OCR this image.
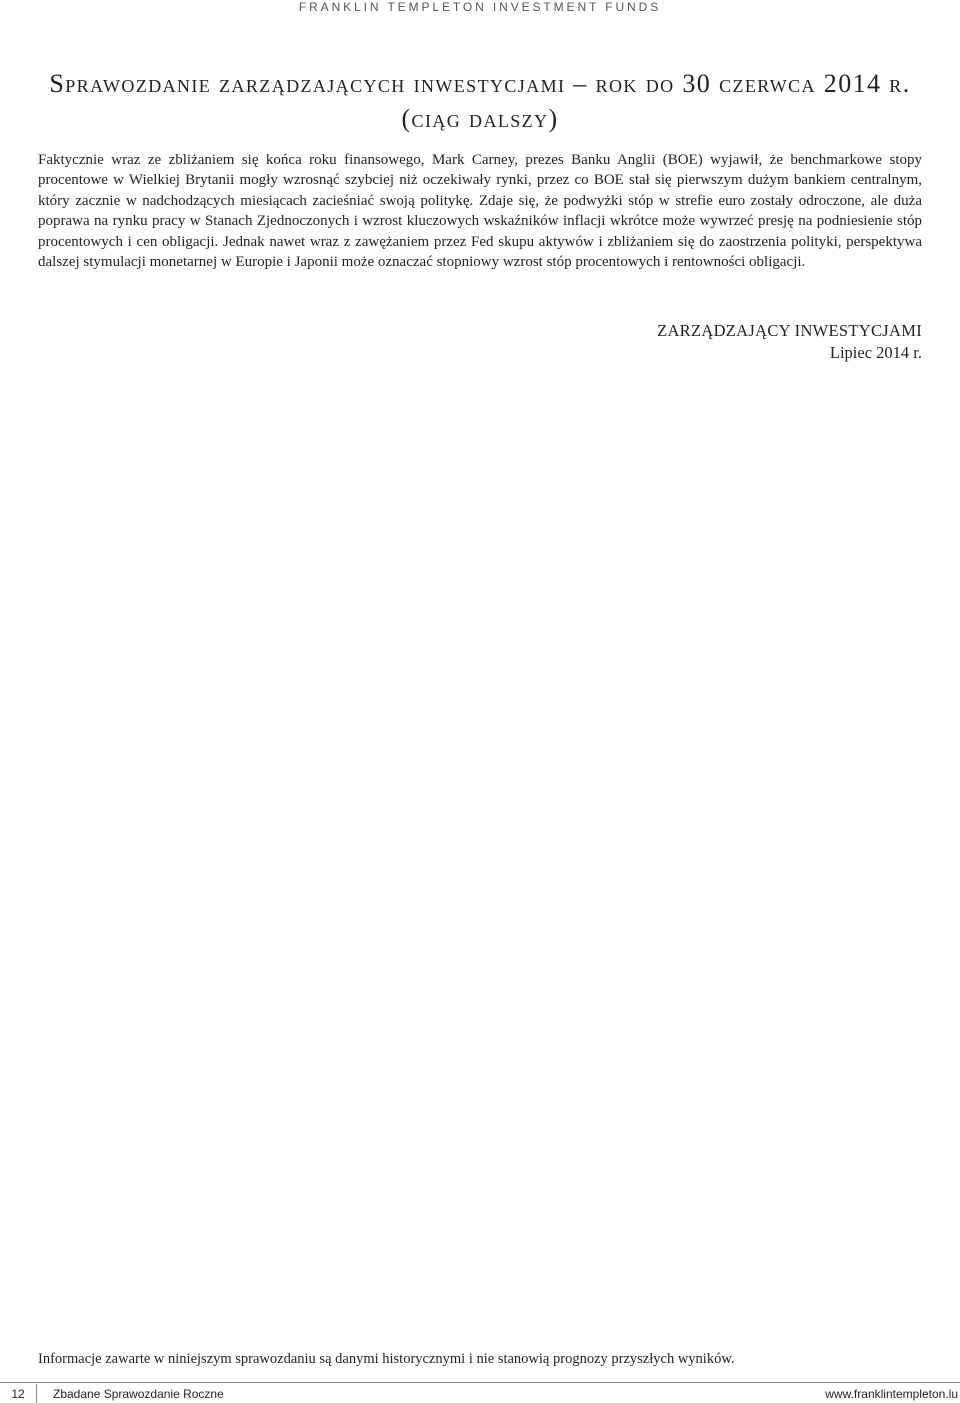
FRANKLIN TEMPLETON INVESTMENT FUNDS
Sprawozdanie zarządzających inwestycjami – rok do 30 czerwca 2014 r.
(ciąg dalszy)

Faktycznie wraz ze zbliżaniem się końca roku finansowego, Mark Carney, prezes Banku Anglii (BOE) wyjawił, że benchmarkowe stopy procentowe w Wielkiej Brytanii mogły wzrosnąć szybciej niż oczekiwały rynki, przez co BOE stał się pierwszym dużym bankiem centralnym, który zacznie w nadchodzących miesiącach zacieśniać swoją politykę. Zdaje się, że podwyżki stóp w strefie euro zostały odroczone, ale duża poprawa na rynku pracy w Stanach Zjednoczonych i wzrost kluczowych wskaźników inflacji wkrótce może wywrzeć presję na podniesienie stóp procentowych i cen obligacji. Jednak nawet wraz z zawężaniem przez Fed skupu aktywów i zbliżaniem się do zaostrzenia polityki, perspektywa dalszej stymulacji monetarnej w Europie i Japonii może oznaczać stopniowy wzrost stóp procentowych i rentowności obligacji.

ZARZĄDZAJĄCY INWESTYCJAMI
Lipiec 2014 r.
Informacje zawarte w niniejszym sprawozdaniu są danymi historycznymi i nie stanowią prognozy przyszłych wyników.
12	Zbadane Sprawozdanie Roczne	www.franklintempleton.lu
